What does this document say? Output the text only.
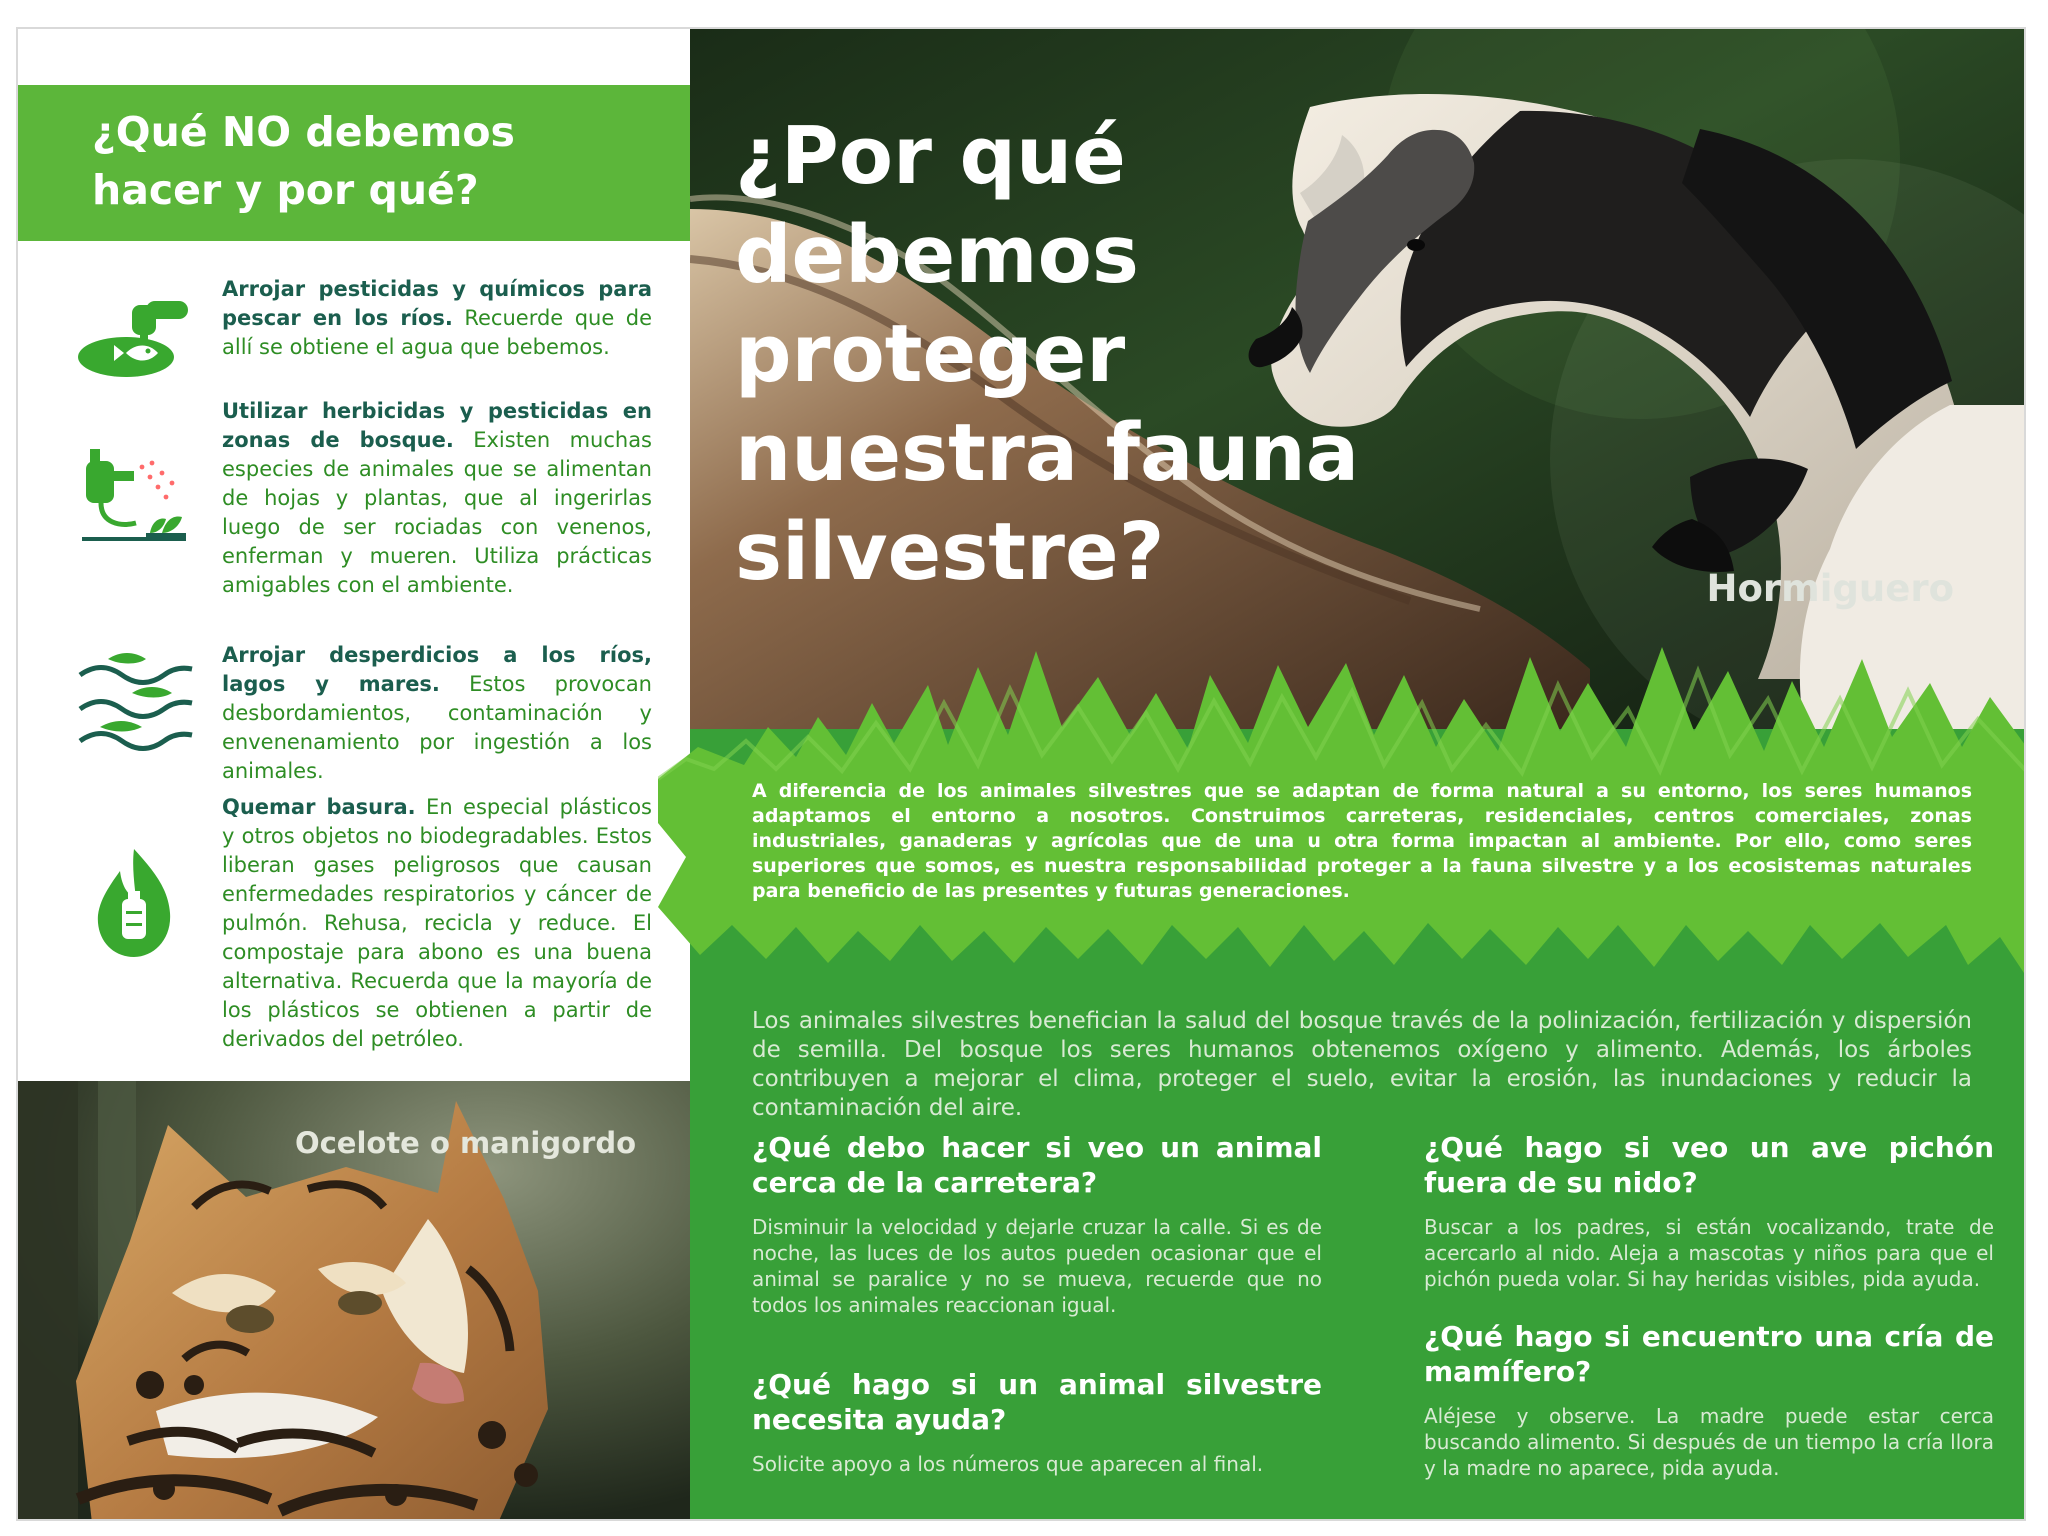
¿Qué NO debemos hacer y por qué?
Arrojar pesticidas y químicos para pescar en los ríos. Recuerde que de allí se obtiene el agua que bebemos.
Utilizar herbicidas y pesticidas en zonas de bosque. Existen muchas especies de animales que se alimentan de hojas y plantas, que al ingerirlas luego de ser rociadas con venenos, enferman y mueren. Utiliza prácticas amigables con el ambiente.
Arrojar desperdicios a los ríos, lagos y mares. Estos provocan desbordamientos, contaminación y envenenamiento por ingestión a los animales.
Quemar basura. En especial plásticos y otros objetos no biodegradables. Estos liberan gases peligrosos que causan enfermedades respiratorios y cáncer de pulmón. Rehusa, recicla y reduce. El compostaje para abono es una buena alternativa. Recuerda que la mayoría de los plásticos se obtienen a partir de derivados del petróleo.
Ocelote o manigordo
¿Por qué debemos proteger nuestra fauna silvestre?	Hormiguero
A diferencia de los animales silvestres que se adaptan de forma natural a su entorno, los seres humanos adaptamos el entorno a nosotros. Construimos carreteras, residenciales, centros comerciales, zonas industriales, ganaderas y agrícolas que de una u otra forma impactan al ambiente. Por ello, como seres superiores que somos, es nuestra responsabilidad proteger a la fauna silvestre y a los ecosistemas naturales para beneficio de las presentes y futuras generaciones.
Los animales silvestres benefician la salud del bosque través de la polinización, fertilización y dispersión de semilla. Del bosque los seres humanos obtenemos oxígeno y alimento. Además, los árboles contribuyen a mejorar el clima, proteger el suelo, evitar la erosión, las inundaciones y reducir la contaminación del aire.
¿Qué debo hacer si veo un animal cerca de la carretera?
Disminuir la velocidad y dejarle cruzar la calle. Si es de noche, las luces de los autos pueden ocasionar que el animal se paralice y no se mueva, recuerde que no todos los animales reaccionan igual.
¿Qué hago si un animal silvestre necesita ayuda?
Solicite apoyo a los números que aparecen al final.
¿Qué hago si veo un ave pichón fuera de su nido?
Buscar a los padres, si están vocalizando, trate de acercarlo al nido. Aleja a mascotas y niños para que el pichón pueda volar. Si hay heridas visibles, pida ayuda.
¿Qué hago si encuentro una cría de mamífero?
Aléjese y observe. La madre puede estar cerca buscando alimento. Si después de un tiempo la cría llora y la madre no aparece, pida ayuda.
